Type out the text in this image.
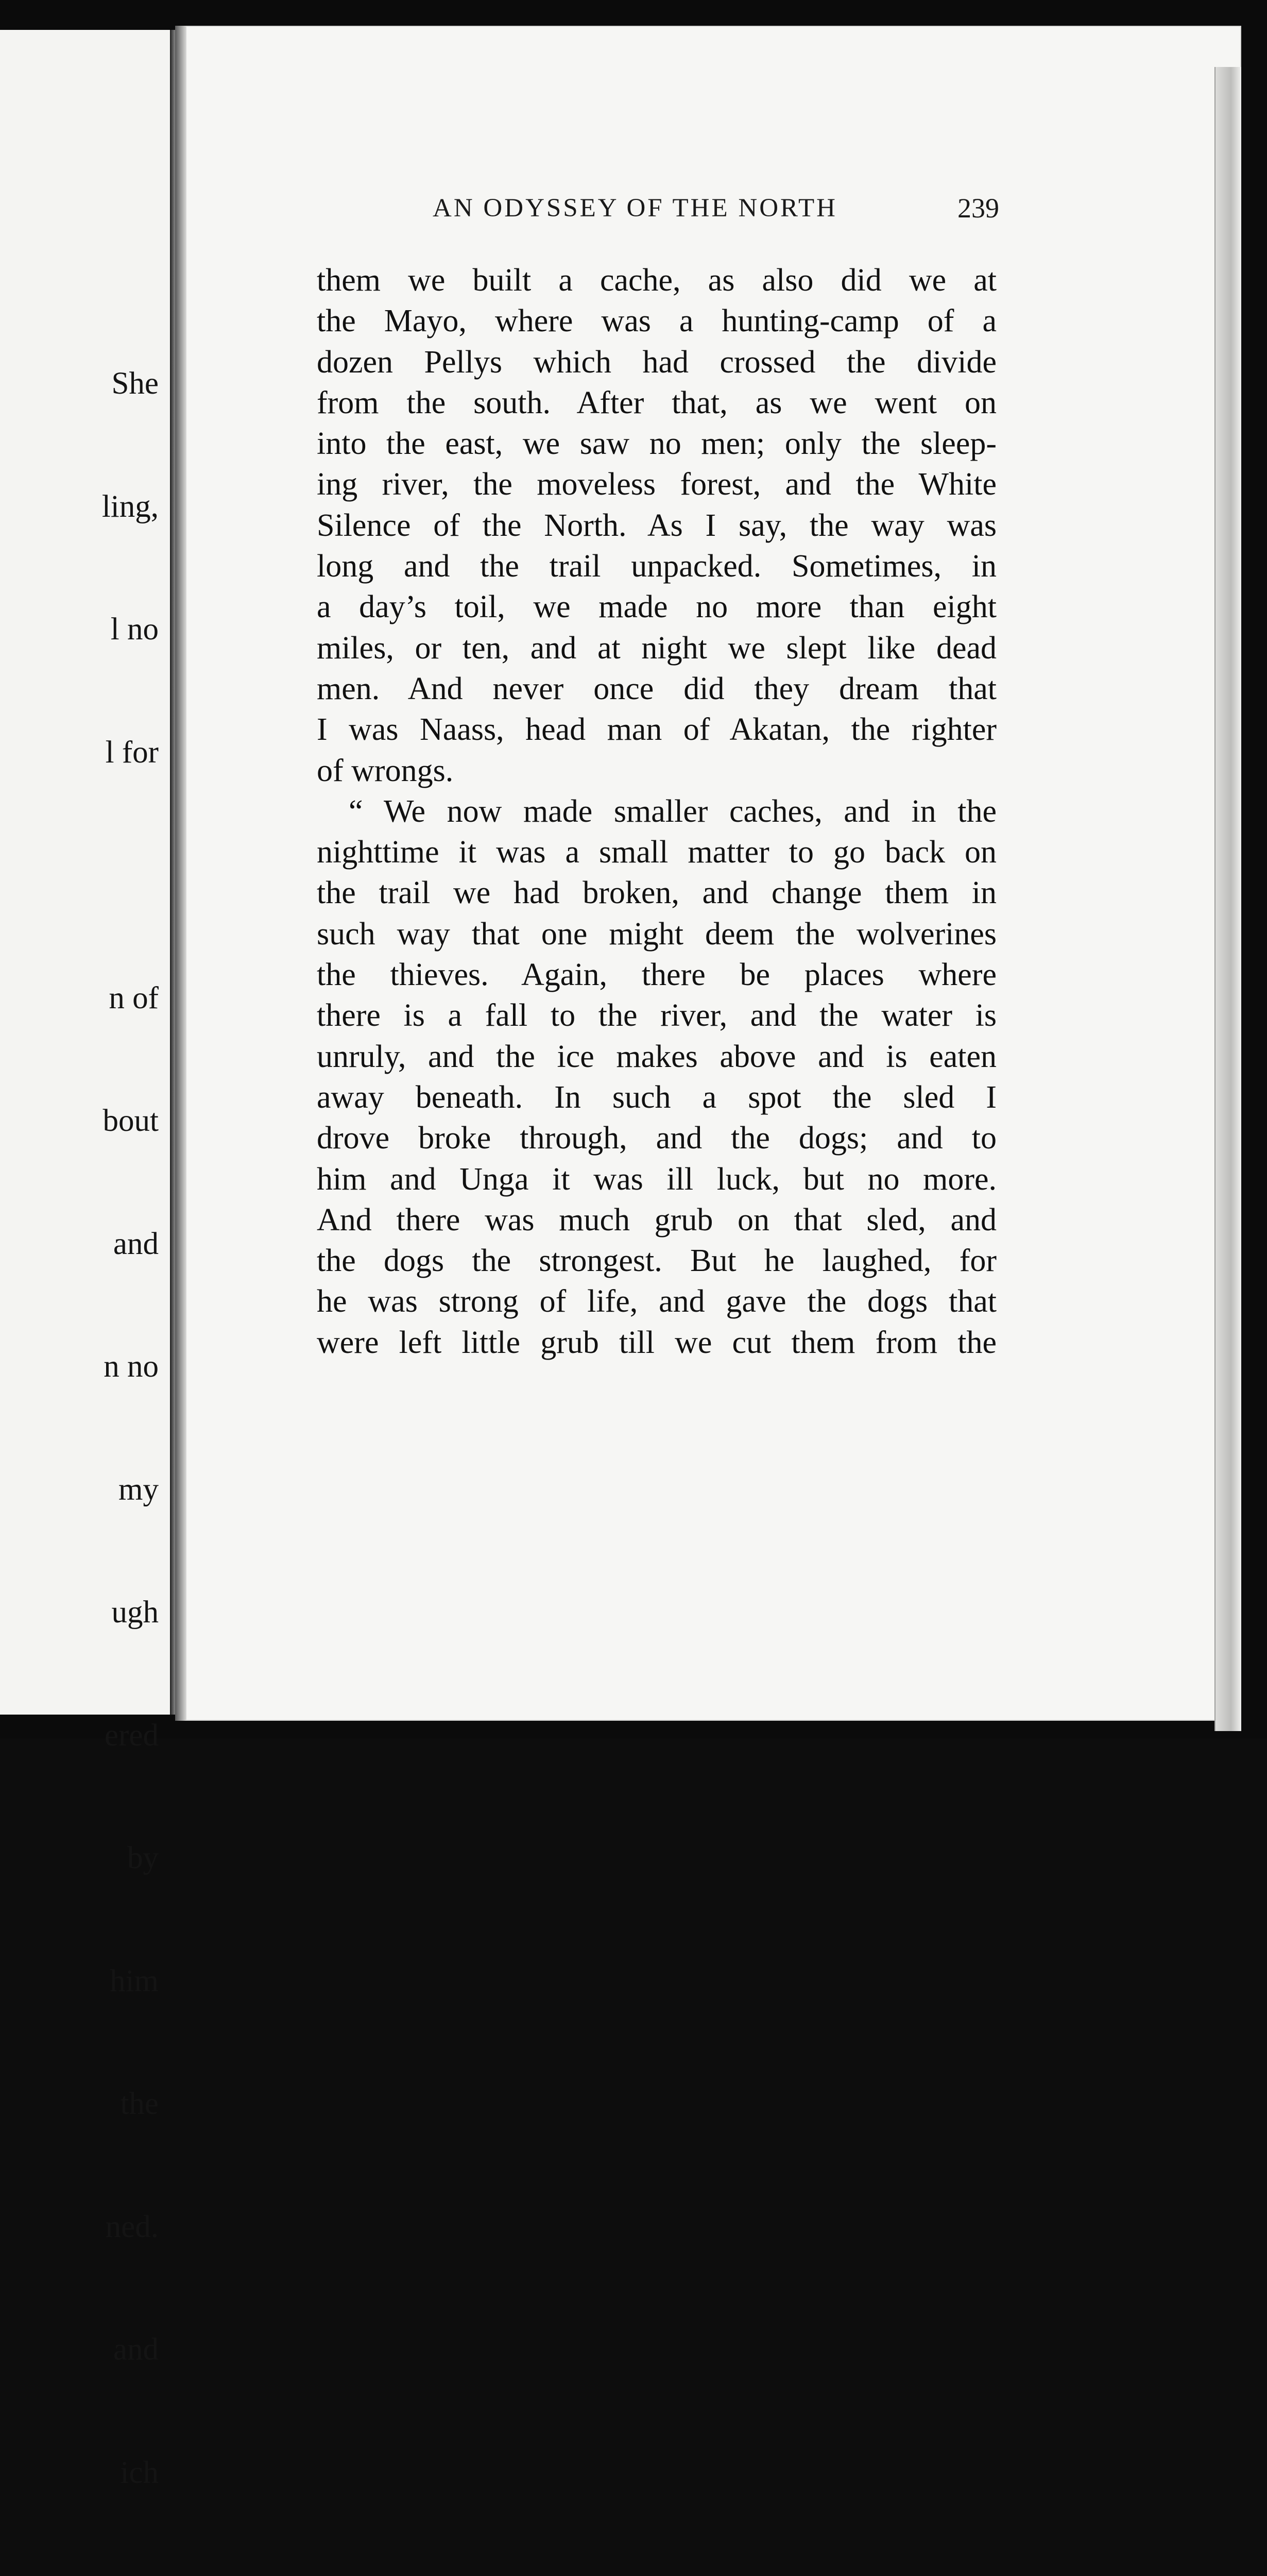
She

ling,

l no

l for

n of

bout

and

n no

my

ugh

ered

by

him

the

ned.

and

ich

AN ODYSSEY OF THE NORTH	239
them we built a cache, as also did we at
the Mayo, where was a hunting-camp of a
dozen Pellys which had crossed the divide
from the south. After that, as we went on
into the east, we saw no men; only the sleep-
ing river, the moveless forest, and the White
Silence of the North. As I say, the way was
long and the trail unpacked. Sometimes, in
a day’s toil, we made no more than eight
miles, or ten, and at night we slept like dead
men. And never once did they dream that
I was Naass, head man of Akatan, the righter
of wrongs.
“ We now made smaller caches, and in the
nighttime it was a small matter to go back on
the trail we had broken, and change them in
such way that one might deem the wolverines
the thieves. Again, there be places where
there is a fall to the river, and the water is
unruly, and the ice makes above and is eaten
away beneath. In such a spot the sled I
drove broke through, and the dogs; and to
him and Unga it was ill luck, but no more.
And there was much grub on that sled, and
the dogs the strongest. But he laughed, for
he was strong of life, and gave the dogs that
were left little grub till we cut them from the
